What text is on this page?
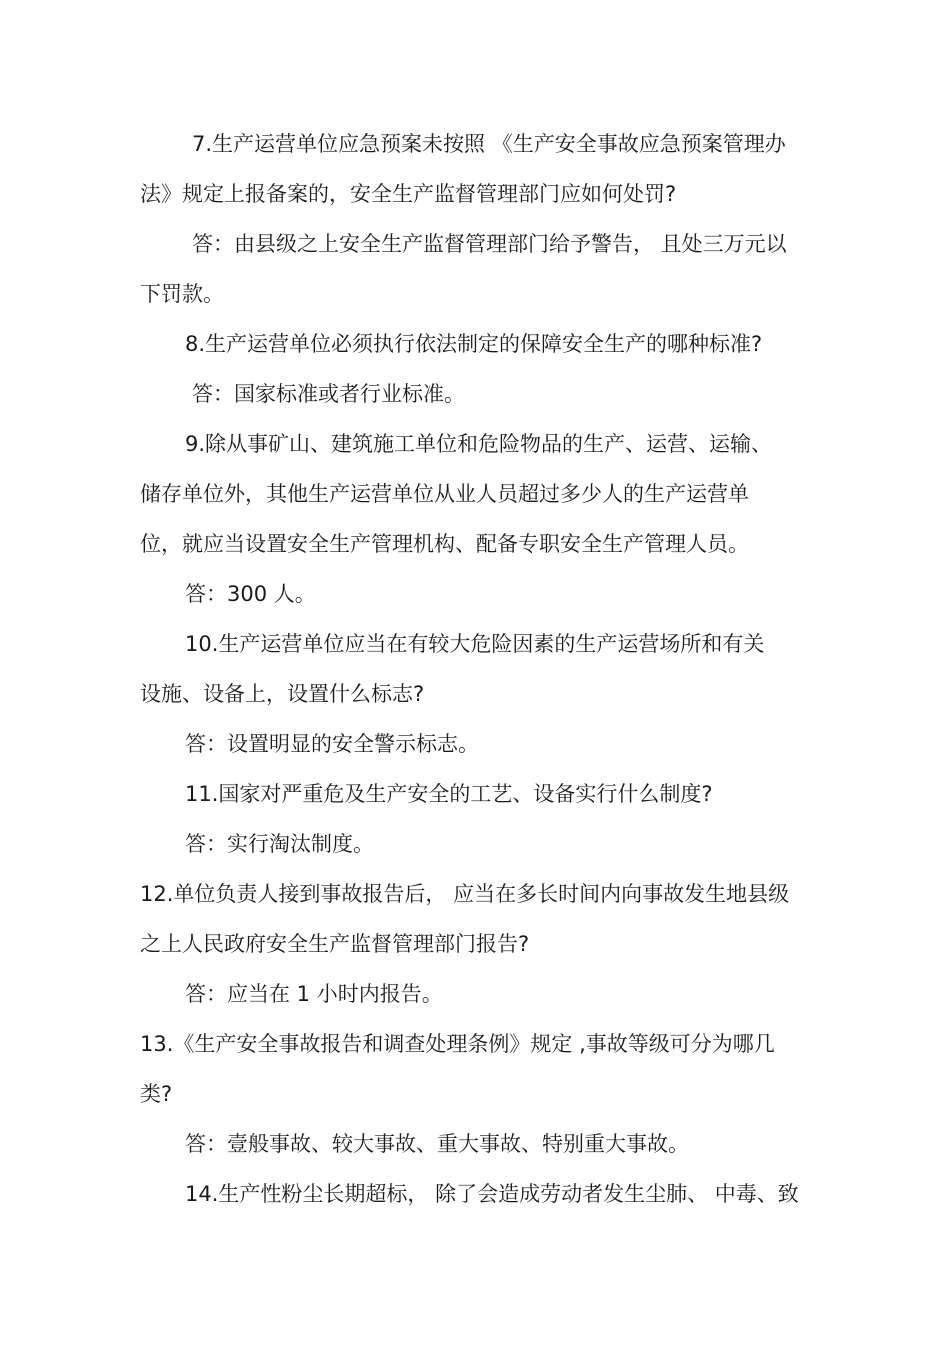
7.生产运营单位应急预案未按照 《生产安全事故应急预案管理办
法》规定上报备案的，安全生产监督管理部门应如何处罚?
答：由县级之上安全生产监督管理部门给予警告， 且处三万元以
下罚款。
8.生产运营单位必须执行依法制定的保障安全生产的哪种标准?
答：国家标准或者行业标准。
9.除从事矿山、建筑施工单位和危险物品的生产、运营、运输、
储存单位外，其他生产运营单位从业人员超过多少人的生产运营单
位，就应当设置安全生产管理机构、配备专职安全生产管理人员。
答：300 人。
10.生产运营单位应当在有较大危险因素的生产运营场所和有关
设施、设备上，设置什么标志?
答：设置明显的安全警示标志。
11.国家对严重危及生产安全的工艺、设备实行什么制度?
答：实行淘汰制度。
12.单位负责人接到事故报告后， 应当在多长时间内向事故发生地县级
之上人民政府安全生产监督管理部门报告?
答：应当在 1 小时内报告。
13.《生产安全事故报告和调查处理条例》规定 ,事故等级可分为哪几
类?
答：壹般事故、较大事故、重大事故、特别重大事故。
14.生产性粉尘长期超标， 除了会造成劳动者发生尘肺、 中毒、致
